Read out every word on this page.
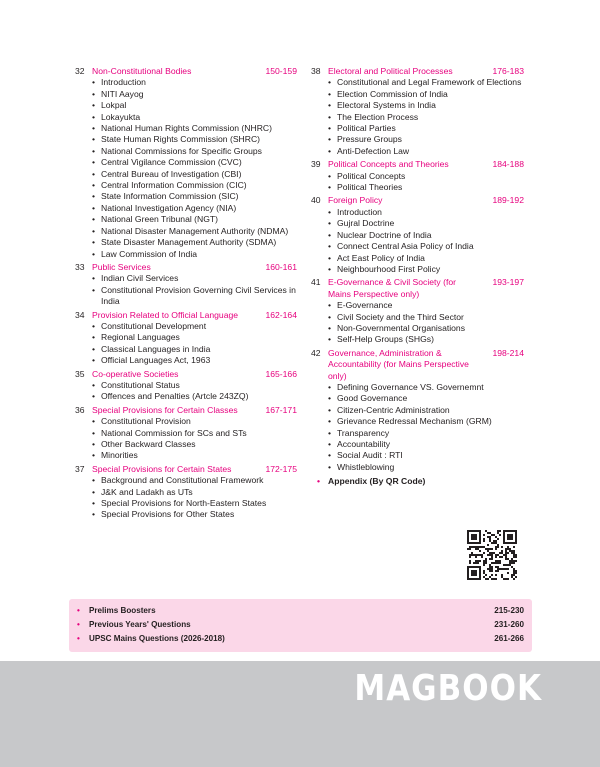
32 Non-Constitutional Bodies	150-159
• Introduction
• NITI Aayog
• Lokpal
• Lokayukta
• National Human Rights Commission (NHRC)
• State Human Rights Commission (SHRC)
• National Commissions for Specific Groups
• Central Vigilance Commission (CVC)
• Central Bureau of Investigation (CBI)
• Central Information Commission (CIC)
• State Information Commission (SIC)
• National Investigation Agency (NIA)
• National Green Tribunal (NGT)
• National Disaster Management Authority (NDMA)
• State Disaster Management Authority (SDMA)
• Law Commission of India
33 Public Services	160-161
• Indian Civil Services
• Constitutional Provision Governing Civil Services in India
34 Provision Related to Official Language	162-164
• Constitutional Development
• Regional Languages
• Classical Languages in India
• Official Languages Act, 1963
35 Co-operative Societies	165-166
• Constitutional Status
• Offences and Penalties (Artcle 243ZQ)
36 Special Provisions for Certain Classes	167-171
• Constitutional Provision
• National Commission for SCs and STs
• Other Backward Classes
• Minorities
37 Special Provisions for Certain States	172-175
• Background and Constitutional Framework
• J&K and Ladakh as UTs
• Special Provisions for North-Eastern States
• Special Provisions for Other States
38 Electoral and Political Processes	176-183
• Constitutional and Legal Framework of Elections
• Election Commission of India
• Electoral Systems in India
• The Election Process
• Political Parties
• Pressure Groups
• Anti-Defection Law
39 Political Concepts and Theories	184-188
• Political Concepts
• Political Theories
40 Foreign Policy	189-192
• Introduction
• Gujral Doctrine
• Nuclear Doctrine of India
• Connect Central Asia Policy of India
• Act East Policy of India
• Neighbourhood First Policy
41 E-Governance & Civil Society (for Mains Perspective only)
193-197
• E-Governance
• Civil Society and the Third Sector
• Non-Governmental Organisations
• Self-Help Groups (SHGs)
42 Governance, Administration & Accountability (for Mains Perspective only)
198-214
• Defining Governance VS. Governemnt
• Good Governance
• Citizen-Centric Administration
• Grievance Redressal Mechanism (GRM)
• Transparency
• Accountability
• Social Audit : RTI
• Whistleblowing
• Appendix (By QR Code)
•	Prelims Boosters	215-230
•	Previous Years' Questions	231-260
•	UPSC Mains Questions (2026-2018)	261-266
MAGBOOK
